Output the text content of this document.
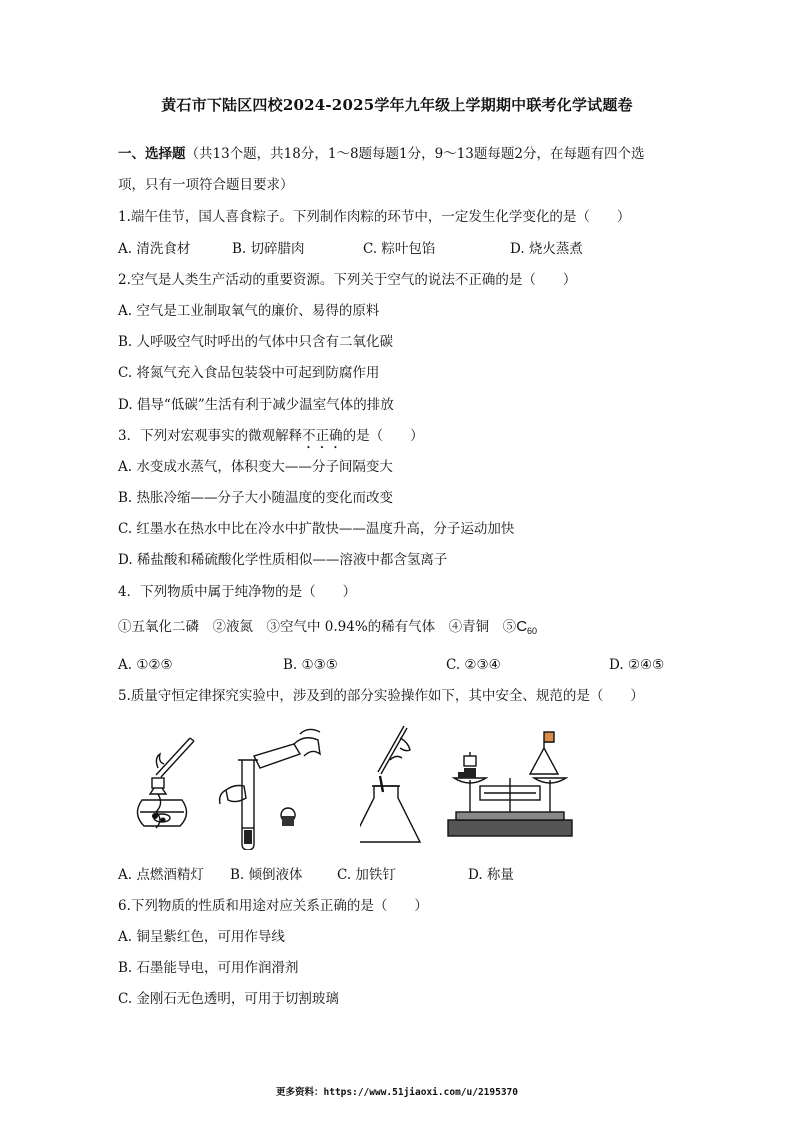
黄石市下陆区四校2024-2025学年九年级上学期期中联考化学试题卷
一、选择题（共13个题，共18分，1～8题每题1分，9～13题每题2分，在每题有四个选
项，只有一项符合题目要求）
1.端午佳节，国人喜食粽子。下列制作肉粽的环节中，一定发生化学变化的是（　　）
A. 清洗食材	B. 切碎腊肉	C. 粽叶包馅	D. 烧火蒸煮
2.空气是人类生产活动的重要资源。下列关于空气的说法不正确的是（　　）
A. 空气是工业制取氧气的廉价、易得的原料
B. 人呼吸空气时呼出的气体中只含有二氧化碳
C. 将氮气充入食品包装袋中可起到防腐作用
D. 倡导“低碳”生活有利于减少温室气体的排放
3．下列对宏观事实的微观解释不正确的是（　　）
A. 水变成水蒸气，体积变大——分子间隔变大
B. 热胀冷缩——分子大小随温度的变化而改变
C. 红墨水在热水中比在冷水中扩散快——温度升高，分子运动加快
D. 稀盐酸和稀硫酸化学性质相似——溶液中都含氢离子
4．下列物质中属于纯净物的是（　　）
①五氧化二磷　②液氮　③空气中 0.94%的稀有气体　④青铜　$⑤C_{60}$
A. ①②⑤	B. ①③⑤	C. ②③④	D. ②④⑤
5.质量守恒定律探究实验中，涉及到的部分实验操作如下，其中安全、规范的是（　　）
A. 点燃酒精灯 B. 倾倒液体	C. 加铁钉	D. 称量
6.下列物质的性质和用途对应关系正确的是（　　）
A. 铜呈紫红色，可用作导线
B. 石墨能导电，可用作润滑剂
C. 金刚石无色透明，可用于切割玻璃
更多资料：https://www.51jiaoxi.com/u/2195370
